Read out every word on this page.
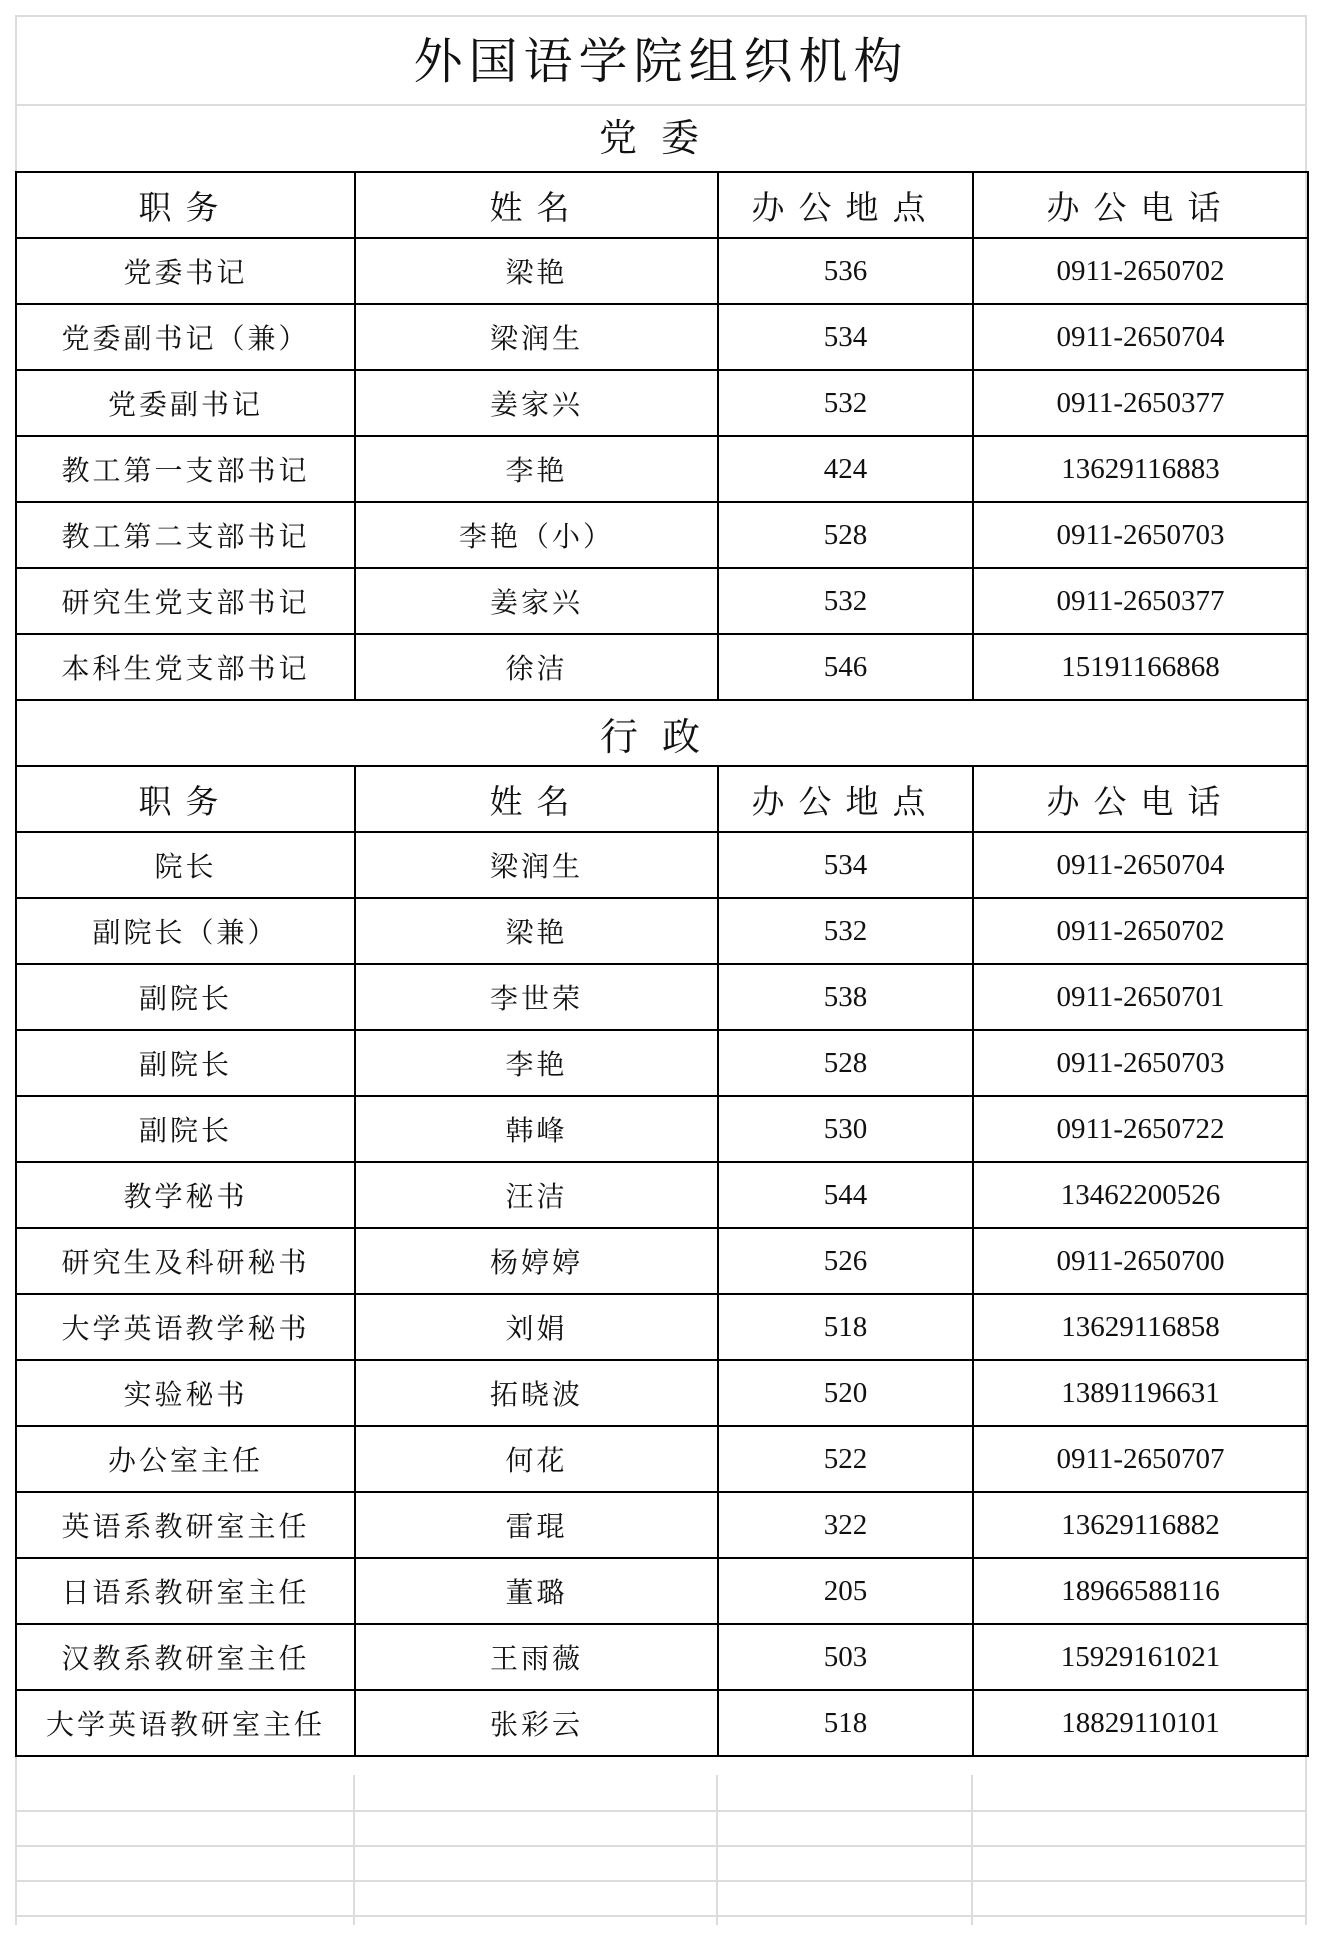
外国语学院组织机构
党委
职务	姓名	办公地点	办公电话
党委书记	梁艳	536	0911-2650702
党委副书记（兼）	梁润生	534	0911-2650704
党委副书记	姜家兴	532	0911-2650377
教工第一支部书记	李艳	424	13629116883
教工第二支部书记	李艳（小）	528	0911-2650703
研究生党支部书记	姜家兴	532	0911-2650377
本科生党支部书记	徐洁	546	15191166868
行政			
职务	姓名	办公地点	办公电话
院长	梁润生	534	0911-2650704
副院长（兼）	梁艳	532	0911-2650702
副院长	李世荣	538	0911-2650701
副院长	李艳	528	0911-2650703
副院长	韩峰	530	0911-2650722
教学秘书	汪洁	544	13462200526
研究生及科研秘书	杨婷婷	526	0911-2650700
大学英语教学秘书	刘娟	518	13629116858
实验秘书	拓晓波	520	13891196631
办公室主任	何花	522	0911-2650707
英语系教研室主任	雷琨	322	13629116882
日语系教研室主任	董璐	205	18966588116
汉教系教研室主任	王雨薇	503	15929161021
大学英语教研室主任	张彩云	518	18829110101
